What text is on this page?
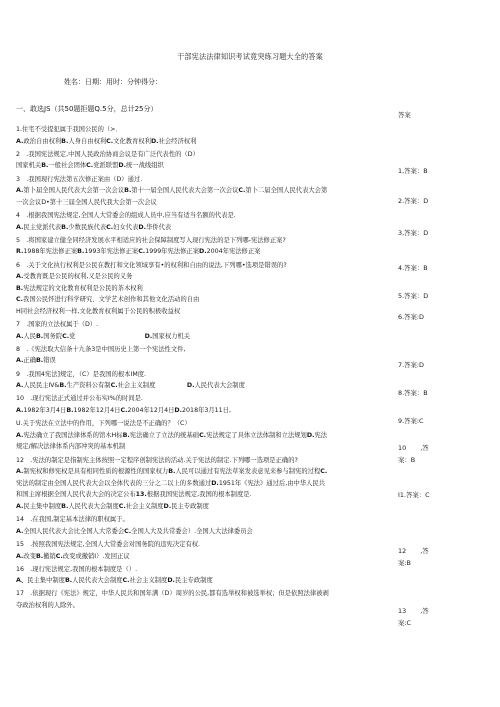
干部宪法法律知识考试竟突练习题大全的答案
姓名：日期：用时：分钟得分：
一、敢选JS（共50题拒题Q.5分，总计25分）
1.住宅不受提犯属于我国公民的（>．
A.政治自由权利B.人身自由权利C.文化教育权利D.社会经济权利
2　.我国宪法规定,中国人民政治协商会议是有广泛代表性的（D）
国家机关B.一般社会团体C.党派联盟D.统一战线组织
3　.我国现行宪法第五次修正案由（D）通过.
A.第卜届全国人民代表大会第一次会议B.第十一届全国人民代表大会第一次会议C.第卜二届全国人民代表大会第
一次会议D•第十三届全国人民代我大会第一次会议
4　.根据我国宪法规定,全国人大常委会的组成人员中,应当有适当名额的代表是.
A.民主党派代表B.少数民族代表C.妇女代表D.华侨代表
5　.将国家建立健全同经济发展水平相适应的社会保障制度写入现行宪法的是下列哪-宪法修正案?
R.1988年宪法修正案B.1993年宪法修正案C.1999年宪法修正案D.2004年宪法修正案
6　.关于文化执行权利是公民在教打和文化领域享有•的权利和自由的说法,下列哪•选项是错误的?
A.受教育既是公民的权利,又是公民的义务
B.宪法规定的文化教育权利是公民的茶木权利
C.我国公民怀进行科学研究、文学艺术创作和其他文化活动的自由
H同社会经济权利一样,文化教育权利属于公民的积极收益权
7　.国家的立法权属于（D）.
A.人民B.国务院C.党　　　　　　　　　　　D.国家权力机关
8　.《宪法取大信条十九条3是中国历史上第一个宪法性文件,
A.正确B.错误
9　.我国4宪法]规定，（C）是我国的根本IM度.
A.人民民主Ⅳ&B.生产资料公有制C.社会主义制度　　　　　D.人民代表大会制度
10　.现行宪法正式通过并公布实Ⅰ%的时间是.
A.1982年3月4日B.1982年12月4日C.2004年12月4日D.2018年3月11日,
U.关于宪法在立法中的作用，下列哪一说法是不正确的？（C）
A.宪法确立了我国法律体系的馆木H标B.宪法确立了立法的统基础C.宪法规定了具体立法体制和立法规划D.宪法
规定/解决法律体系内部冲突的基本机制
12　.宪法的制定是指制宪主体按照一定程序创制宪法的活动.关于宪法的制定.下列哪一选项是正确的?
A.制宪权和修宪权是具有相同性质的根源性的国家权力B.人民可以通过有宪法草案发表意见来参与制宪的过程C.
宪法的制定由全国人民代表大会以全体代表的三分之二以上的多数通过D.1951年《宪法》通过后,由中华人民共
和国主席根据全国人民代表大会的决定公布13.根据我国宪法规定,我国的根本制度是.
A.民主集中制度B.人民代表大会制度C.社会主义制度D.民主专政制度
14　.在我国,制定基本法律的职权属于。
A.全国人民代表大会比全国人大常委会C.全国人大及共常委会）.全国人大法律委员会
15　.按照我国宪法规定,全国人大常委会对国务院的违宪决定有权.
A.改变B.撤销C.改变或撤销I）.发回正议
16　.现行宪法规定,我国的根本制度是（）.
A、民主集中制度B.人民代表大会制度C.社会主义制度D.民主专政制度
17　.依据现行《宪法》规定，中华人民共和国年满（D）周岁的公民,都有选举权和被选举权；但是依照法律被剥
夺政治权利的人除外。
答案
1,答案：B
2.答案：D
3,答案：D
4.答案：B
5.答案：D
6.答案:D
7.答案:D
8.答案：B
9.答案:C
10 ,答
案：B
I1.答案：C
12 ,答
案:B
13 ,答
案:C
